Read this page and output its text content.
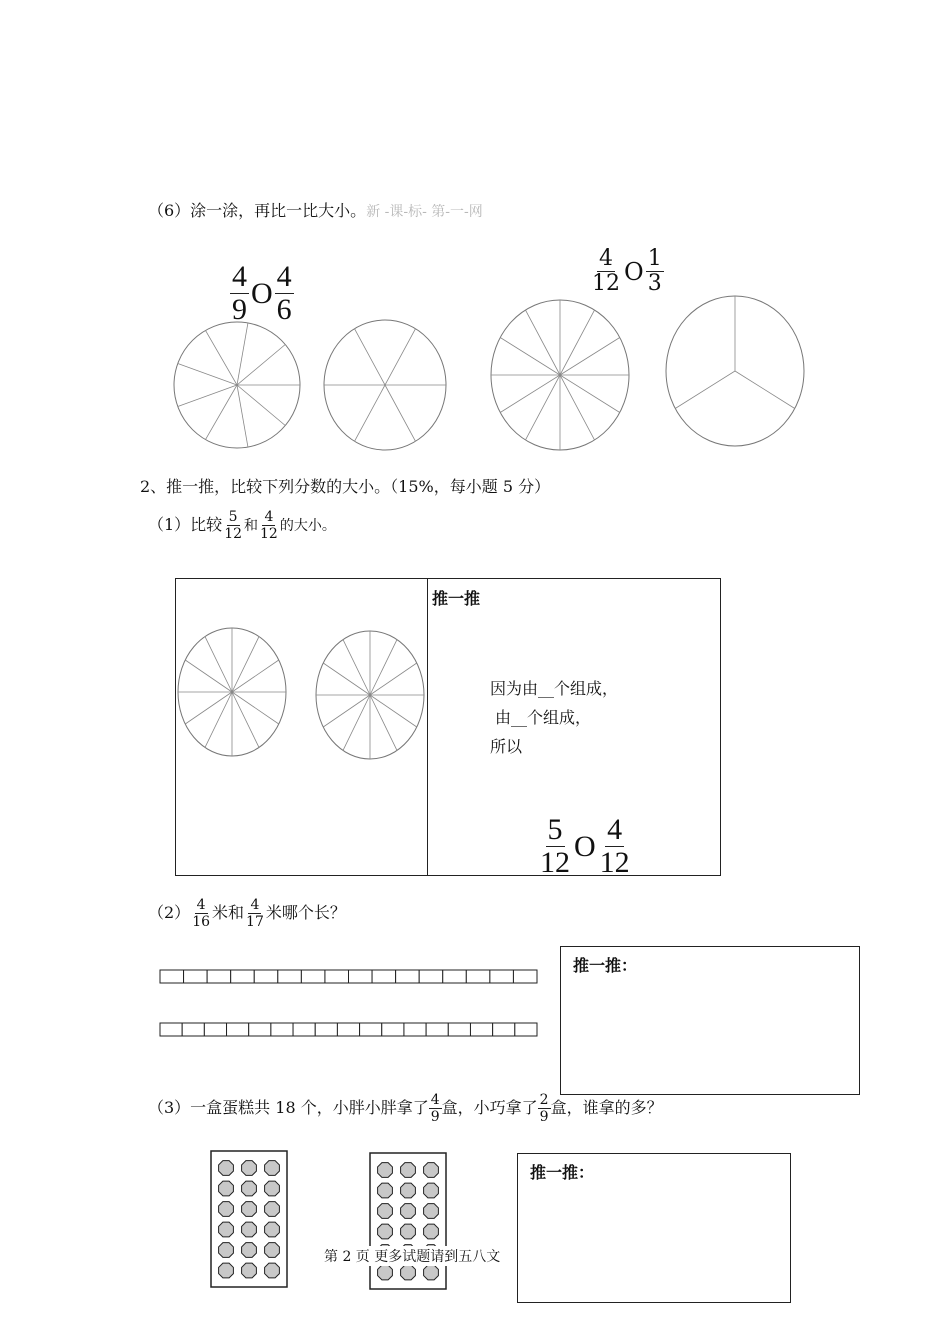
（6）涂一涂，再比一比大小。新 -课-标- 第-一-网
$\frac{4}{9}$ O $\frac{4}{6}$	$\frac{4}{12}$ O $\frac{1}{3}$
2、推一推，比较下列分数的大小。（15%，每小题 5 分）
（1）比较 $\frac{5}{12}$ 和 $\frac{4}{12}$ 的大小。
推一推
因为由__个组成，
由__个组成，
所以
$\frac{5}{12}$ O $\frac{4}{12}$
$(2) \frac{4}{16}$ 米和 $\frac{4}{17}$ 米哪个长？
推一推：
（3）一盒蛋糕共 18 个，小胖小胖拿了 $\frac{4}{9}$ 盒，小巧拿了 $\frac{2}{9}$ 盒，谁拿的多？
第 2 页 更多试题请到五八文
推一推：
